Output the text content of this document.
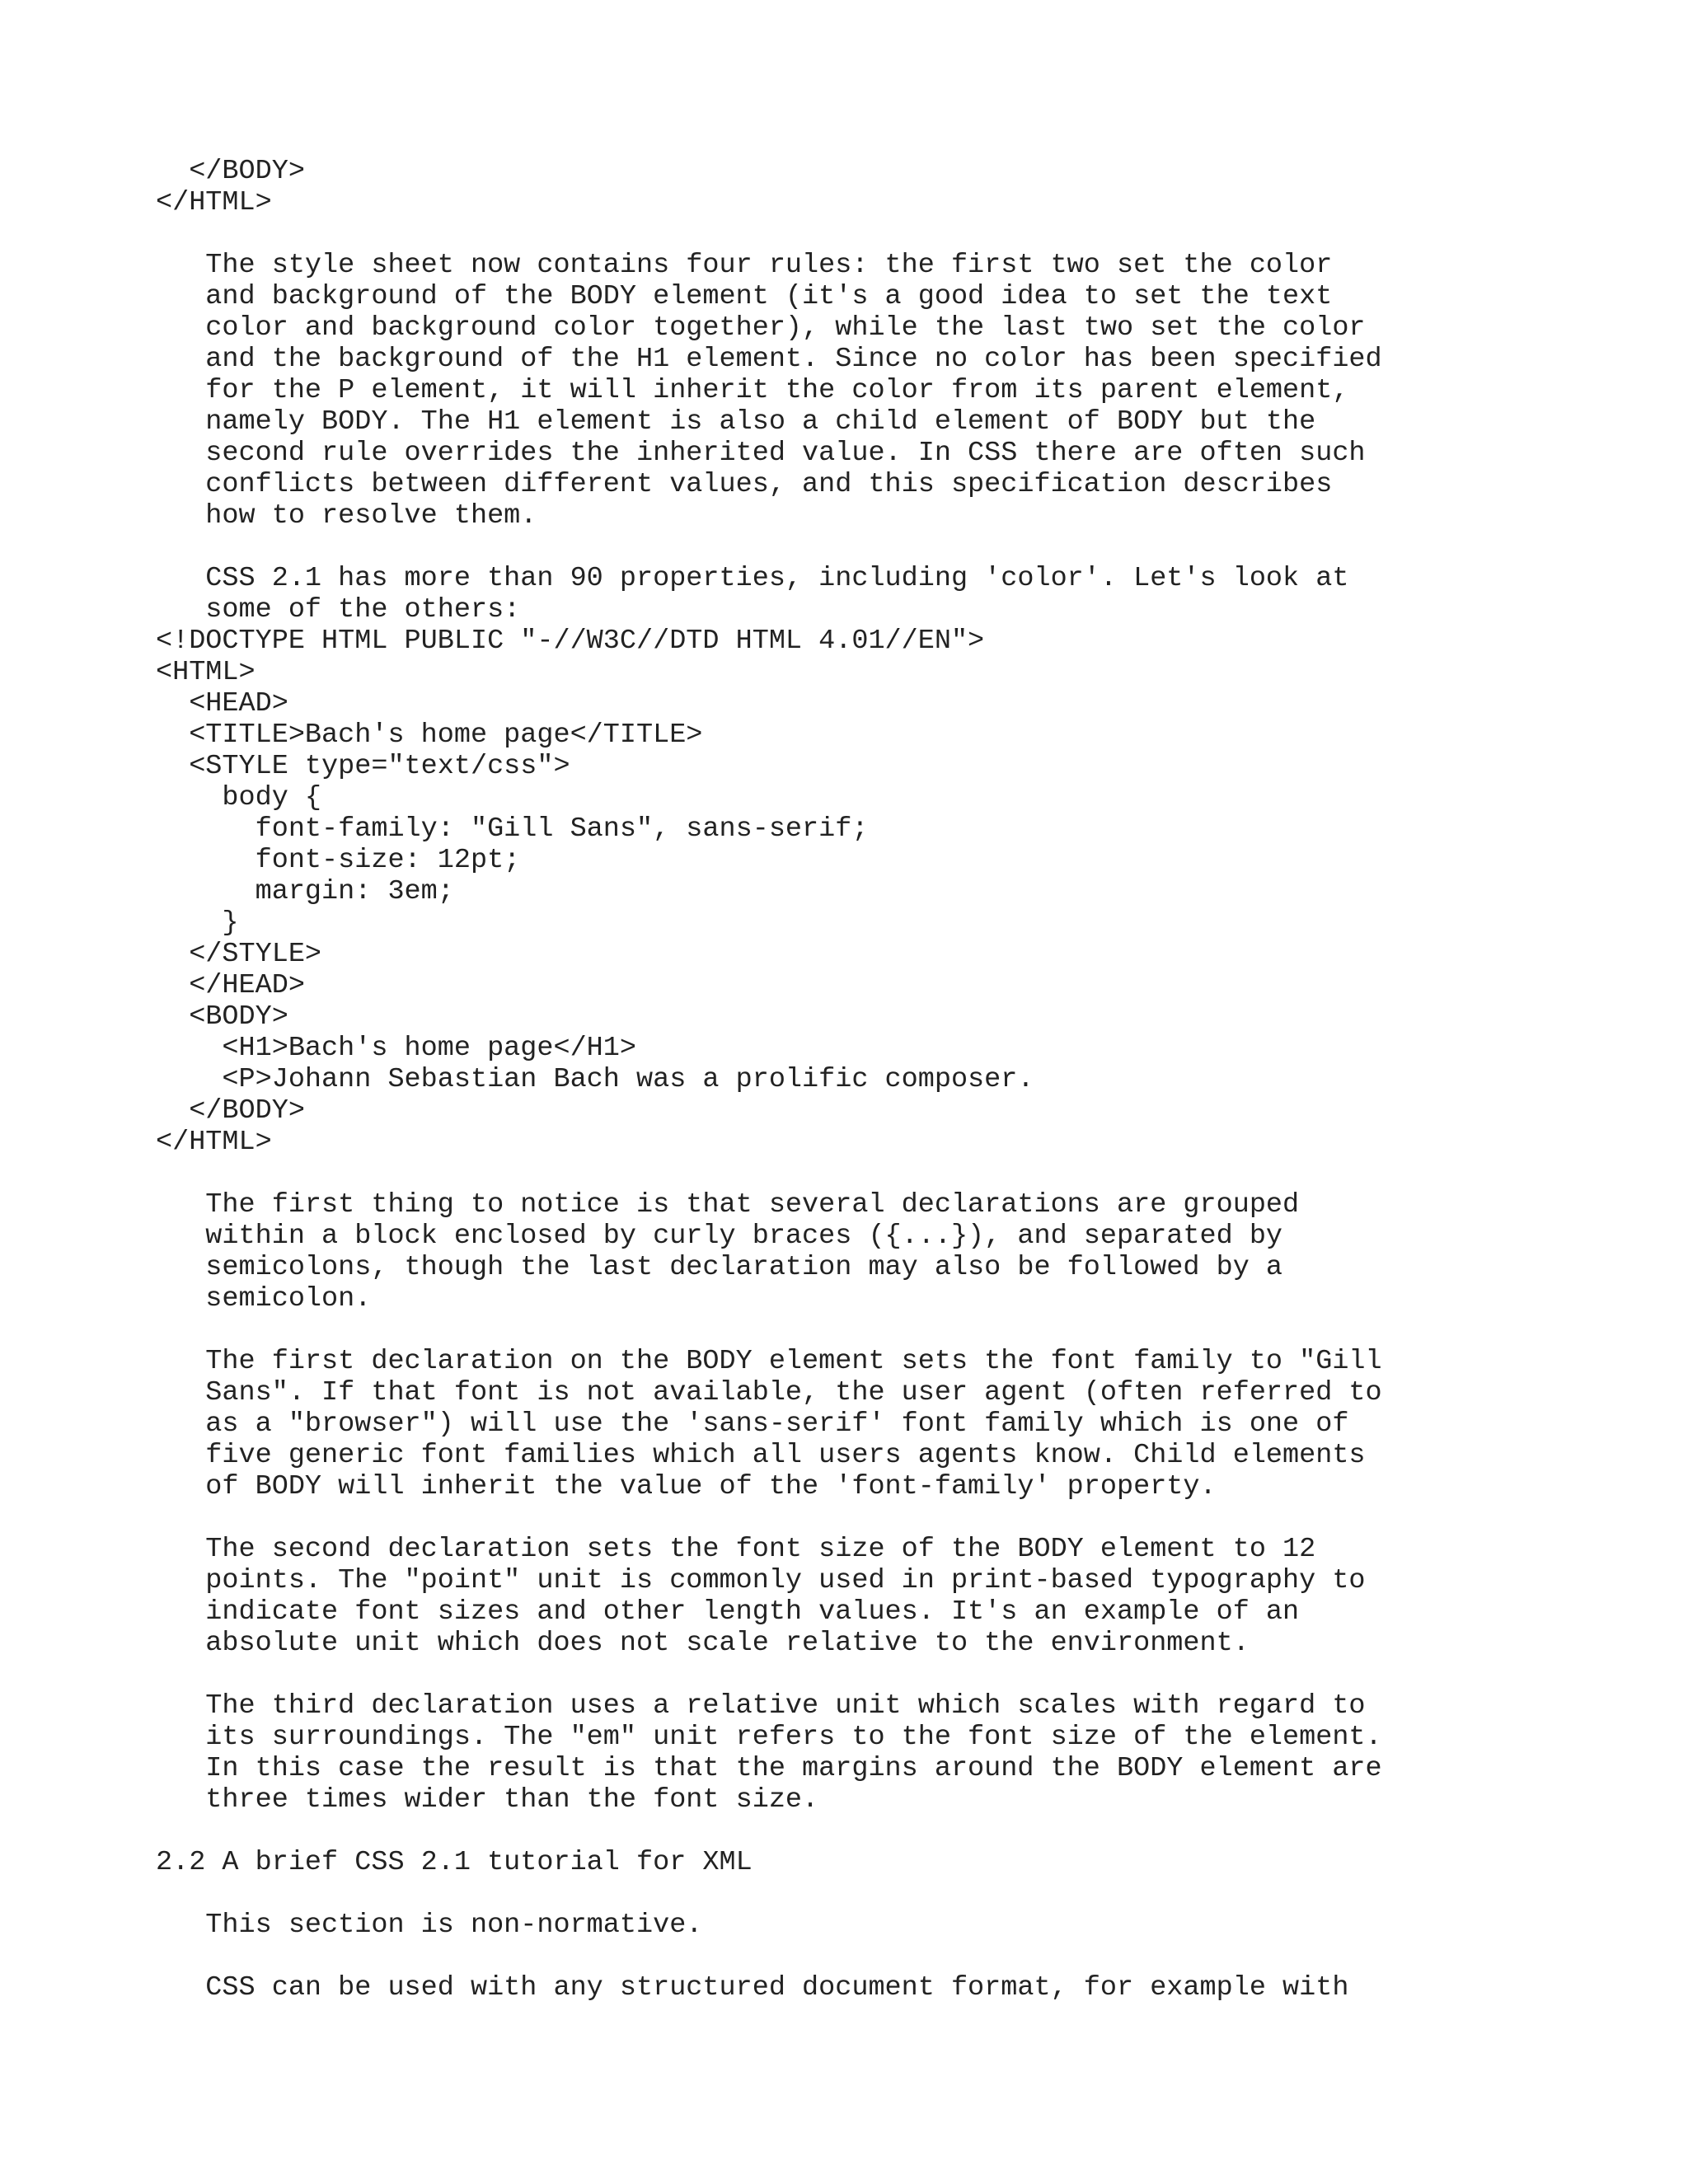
</BODY>
</HTML>
The style sheet now contains four rules: the first two set the color
and background of the BODY element (it's a good idea to set the text
color and background color together), while the last two set the color
and the background of the H1 element. Since no color has been specified
for the P element, it will inherit the color from its parent element,
namely BODY. The H1 element is also a child element of BODY but the
second rule overrides the inherited value. In CSS there are often such
conflicts between different values, and this specification describes
how to resolve them.
CSS 2.1 has more than 90 properties, including 'color'. Let's look at
some of the others:
<!DOCTYPE HTML PUBLIC "-//W3C//DTD HTML 4.01//EN">
<HTML>
<HEAD>
<TITLE>Bach's home page</TITLE>
<STYLE type="text/css">
body {
font-family: "Gill Sans", sans-serif;
font-size: 12pt;
margin: 3em;
}
</STYLE>
</HEAD>
<BODY>
<H1>Bach's home page</H1>
<P>Johann Sebastian Bach was a prolific composer.
</BODY>
</HTML>
The first thing to notice is that several declarations are grouped
within a block enclosed by curly braces ({...}), and separated by
semicolons, though the last declaration may also be followed by a
semicolon.
The first declaration on the BODY element sets the font family to "Gill
Sans". If that font is not available, the user agent (often referred to
as a "browser") will use the 'sans-serif' font family which is one of
five generic font families which all users agents know. Child elements
of BODY will inherit the value of the 'font-family' property.
The second declaration sets the font size of the BODY element to 12
points. The "point" unit is commonly used in print-based typography to
indicate font sizes and other length values. It's an example of an
absolute unit which does not scale relative to the environment.
The third declaration uses a relative unit which scales with regard to
its surroundings. The "em" unit refers to the font size of the element.
In this case the result is that the margins around the BODY element are
three times wider than the font size.
2.2 A brief CSS 2.1 tutorial for XML
This section is non-normative.
CSS can be used with any structured document format, for example with
